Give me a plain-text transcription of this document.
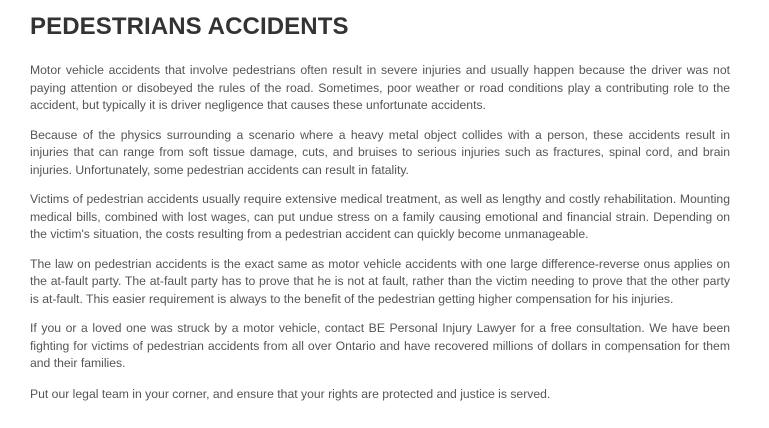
PEDESTRIANS ACCIDENTS

Motor vehicle accidents that involve pedestrians often result in severe injuries and usually happen because the driver was not paying attention or disobeyed the rules of the road. Sometimes, poor weather or road conditions play a contributing role to the accident, but typically it is driver negligence that causes these unfortunate accidents.

Because of the physics surrounding a scenario where a heavy metal object collides with a person, these accidents result in injuries that can range from soft tissue damage, cuts, and bruises to serious injuries such as fractures, spinal cord, and brain injuries. Unfortunately, some pedestrian accidents can result in fatality.

Victims of pedestrian accidents usually require extensive medical treatment, as well as lengthy and costly rehabilitation. Mounting medical bills, combined with lost wages, can put undue stress on a family causing emotional and financial strain. Depending on the victim's situation, the costs resulting from a pedestrian accident can quickly become unmanageable.

The law on pedestrian accidents is the exact same as motor vehicle accidents with one large difference-reverse onus applies on the at-fault party. The at-fault party has to prove that he is not at fault, rather than the victim needing to prove that the other party is at-fault. This easier requirement is always to the benefit of the pedestrian getting higher compensation for his injuries.

If you or a loved one was struck by a motor vehicle, contact BE Personal Injury Lawyer for a free consultation. We have been fighting for victims of pedestrian accidents from all over Ontario and have recovered millions of dollars in compensation for them and their families.

Put our legal team in your corner, and ensure that your rights are protected and justice is served.
